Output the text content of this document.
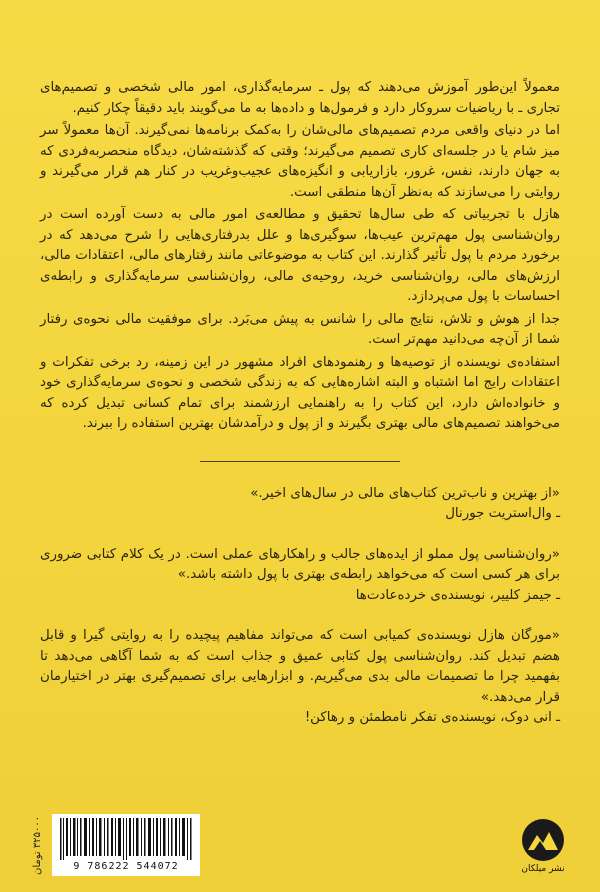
معمولاً این‌طور آموزش می‌دهند که پول ـ سرمایه‌گذاری، امور مالی شخصی و تصمیم‌های تجاری ـ با ریاضیات سروکار دارد و فرمول‌ها و داده‌ها به ما می‌گویند باید دقیقاً چکار کنیم.

اما در دنیای واقعی مردم تصمیم‌های مالی‌شان را به‌کمک برنامه‌ها نمی‌گیرند. آن‌ها معمولاً سر میز شام یا در جلسه‌ای کاری تصمیم می‌گیرند؛ وقتی که گذشته‌شان، دیدگاه منحصربه‌فردی که به جهان دارند، نفس، غرور، بازاریابی و انگیزه‌های عجیب‌وغریب در کنار هم قرار می‌گیرند و روایتی را می‌سازند که به‌نظر آن‌ها منطقی است.

هازل با تجربیاتی که طی سال‌ها تحقیق و مطالعه‌ی امور مالی به دست آورده است در روان‌شناسی پول مهم‌ترین عیب‌ها، سوگیری‌ها و علل بدرفتاری‌هایی را شرح می‌دهد که در برخورد مردم با پول تأثیر گذارند. این کتاب به موضوعاتی مانند رفتارهای مالی، اعتقادات مالی، ارزش‌های مالی، روان‌شناسی خرید، روحیه‌ی مالی، روان‌شناسی سرمایه‌گذاری و رابطه‌ی احساسات با پول می‌پردازد.

جدا از هوش و تلاش، نتایج مالی را شانس به پیش می‌بَرد. برای موفقیت مالی نحوه‌ی رفتار شما از آن‌چه می‌دانید مهم‌تر است.

استفاده‌ی نویسنده از توصیه‌ها و رهنمودهای افراد مشهور در این زمینه، رد برخی تفکرات و اعتقادات رایج اما اشتباه و البته اشاره‌هایی که به زندگی شخصی و نحوه‌ی سرمایه‌گذاری خود و خانواده‌اش دارد، این کتاب را به راهنمایی ارزشمند برای تمام کسانی تبدیل کرده که می‌خواهند تصمیم‌های مالی بهتری بگیرند و از پول و درآمدشان بهترین استفاده را ببرند.

«از بهترین و ناب‌ترین کتاب‌های مالی در سال‌های اخیر.»

ـ وال‌استریت جورنال

«روان‌شناسی پول مملو از ایده‌های جالب و راهکارهای عملی است. در یک کلام کتابی ضروری برای هر کسی است که می‌خواهد رابطه‌ی بهتری با پول داشته باشد.»

ـ جیمز کلییر، نویسنده‌ی خرده‌عادت‌ها

«مورگان هازل نویسنده‌ی کمیابی است که می‌تواند مفاهیم پیچیده را به روایتی گیرا و قابل هضم تبدیل کند. روان‌شناسی پول کتابی عمیق و جذاب است که به شما آگاهی می‌دهد تا بفهمید چرا ما تصمیمات مالی بدی می‌گیریم. و ابزارهایی برای تصمیم‌گیری بهتر در اختیارمان قرار می‌دهد.»

ـ انی دوک، نویسنده‌ی تفکر نامطمئن و رهاکن!

۳۲۵۰۰۰ تومان
9 786222 544072	نشر میلکان
